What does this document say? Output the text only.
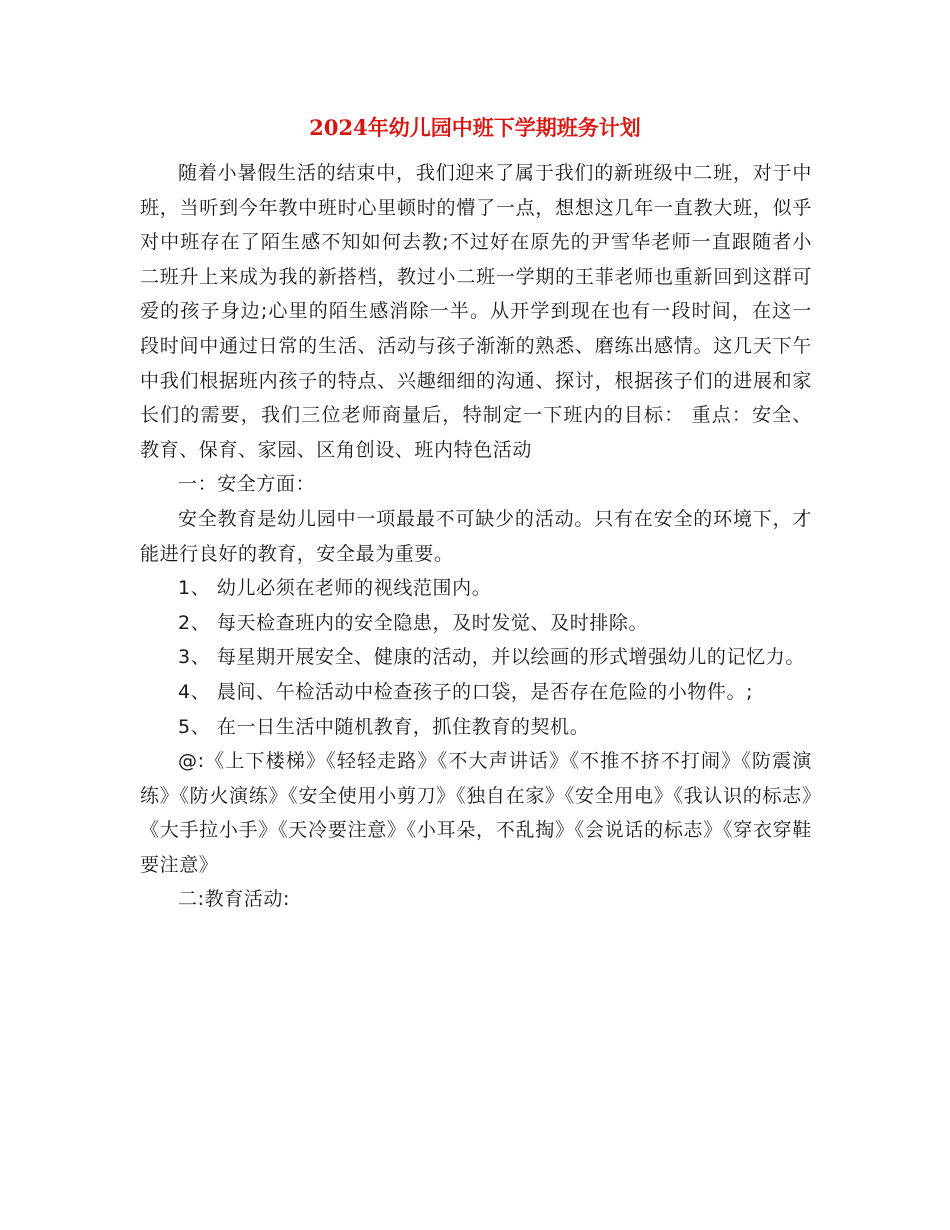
2024年幼儿园中班下学期班务计划

随着小暑假生活的结束中，我们迎来了属于我们的新班级中二班，对于中班，当听到今年教中班时心里顿时的懵了一点，想想这几年一直教大班，似乎对中班存在了陌生感不知如何去教;不过好在原先的尹雪华老师一直跟随者小二班升上来成为我的新搭档，教过小二班一学期的王菲老师也重新回到这群可爱的孩子身边;心里的陌生感消除一半。从开学到现在也有一段时间，在这一段时间中通过日常的生活、活动与孩子渐渐的熟悉、磨练出感情。这几天下午中我们根据班内孩子的特点、兴趣细细的沟通、探讨，根据孩子们的进展和家长们的需要，我们三位老师商量后，特制定一下班内的目标： 重点：安全、教育、保育、家园、区角创设、班内特色活动

一：安全方面：

安全教育是幼儿园中一项最最不可缺少的活动。只有在安全的环境下，才能进行良好的教育，安全最为重要。

1、 幼儿必须在老师的视线范围内。

2、 每天检查班内的安全隐患，及时发觉、及时排除。

3、 每星期开展安全、健康的活动，并以绘画的形式增强幼儿的记忆力。

4、 晨间、午检活动中检查孩子的口袋，是否存在危险的小物件。;

5、 在一日生活中随机教育，抓住教育的契机。

@:《上下楼梯》《轻轻走路》《不大声讲话》《不推不挤不打闹》《防震演练》《防火演练》《安全使用小剪刀》《独自在家》《安全用电》《我认识的标志》《大手拉小手》《天冷要注意》《小耳朵，不乱掏》《会说话的标志》《穿衣穿鞋要注意》

二:教育活动:
